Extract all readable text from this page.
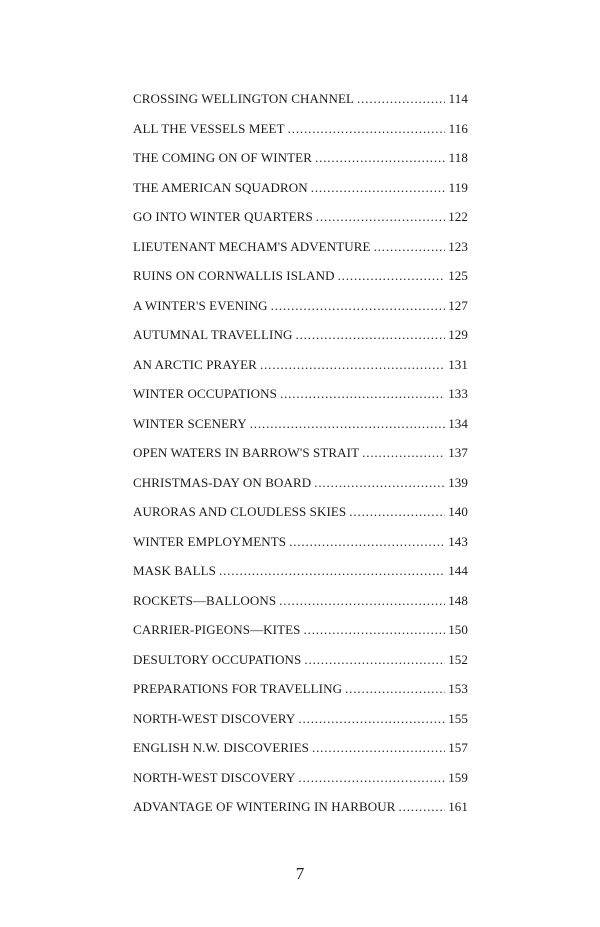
CROSSING WELLINGTON CHANNEL . . .	114
ALL THE VESSELS MEET . . .	116
THE COMING ON OF WINTER . . .	118
THE AMERICAN SQUADRON . . .	119
GO INTO WINTER QUARTERS . . .	122
LIEUTENANT MECHAM'S ADVENTURE . . .	123
RUINS ON CORNWALLIS ISLAND . . .	125
A WINTER'S EVENING . . .	127
AUTUMNAL TRAVELLING . . .	129
AN ARCTIC PRAYER . . .	131
WINTER OCCUPATIONS . . .	133
WINTER SCENERY . . .	134
OPEN WATERS IN BARROW'S STRAIT . . .	137
CHRISTMAS-DAY ON BOARD . . .	139
AURORAS AND CLOUDLESS SKIES . . .	140
WINTER EMPLOYMENTS . . .	143
MASK BALLS . . .	144
ROCKETS—BALLOONS . . .	148
CARRIER-PIGEONS—KITES . . .	150
DESULTORY OCCUPATIONS . . .	152
PREPARATIONS FOR TRAVELLING . . .	153
NORTH-WEST DISCOVERY . . .	155
ENGLISH N.W. DISCOVERIES . . .	157
NORTH-WEST DISCOVERY . . .	159
ADVANTAGE OF WINTERING IN HARBOUR . . .	161
7
